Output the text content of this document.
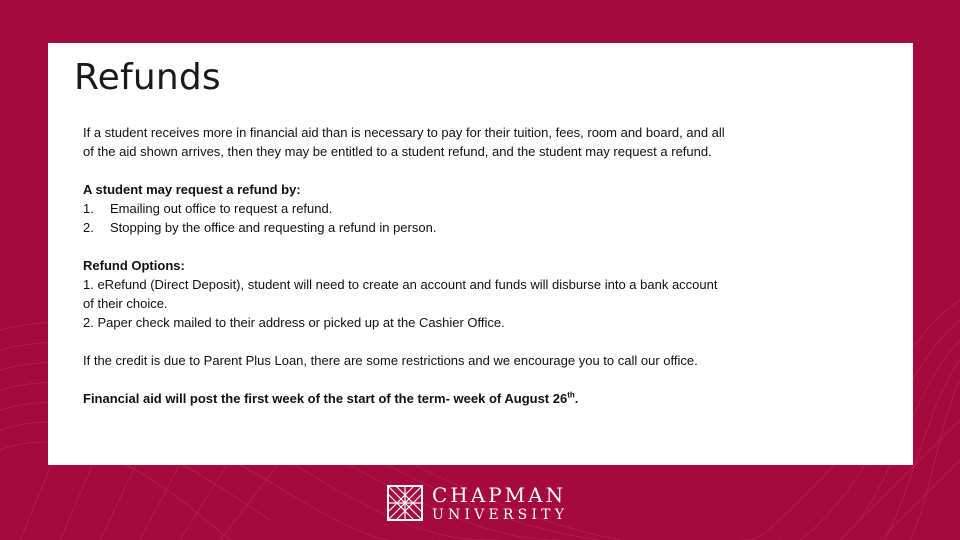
Refunds

If a student receives more in financial aid than is necessary to pay for their tuition, fees, room and board, and all
of the aid shown arrives, then they may be entitled to a student refund, and the student may request a refund.

A student may request a refund by:
1. Emailing out office to request a refund.
2. Stopping by the office and requesting a refund in person.

Refund Options:
1. eRefund (Direct Deposit), student will need to create an account and funds will disburse into a bank account
of their choice.
2. Paper check mailed to their address or picked up at the Cashier Office.

If the credit is due to Parent Plus Loan, there are some restrictions and we encourage you to call our office.

Financial aid will post the first week of the start of the term- week of August 26th.

CHAPMAN
UNIVERSITY
